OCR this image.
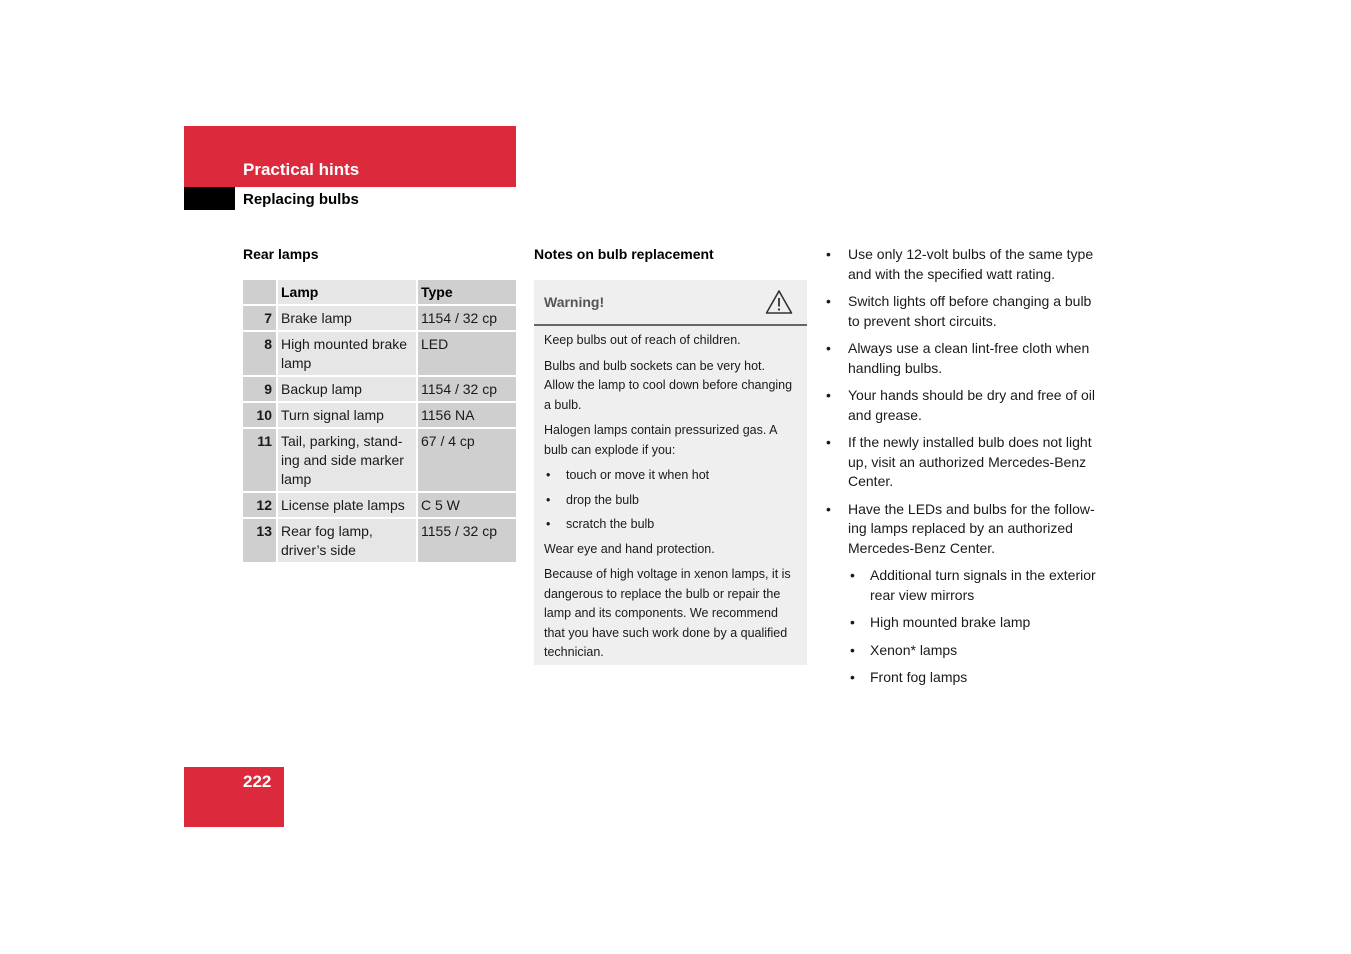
Practical hints
Replacing bulbs
Rear lamps
	Lamp	Type
7	Brake lamp	1154 / 32 cp
8	High mounted brake lamp	LED
9	Backup lamp	1154 / 32 cp
10	Turn signal lamp	1156 NA
11	Tail, parking, stand-ing and side marker lamp	67 / 4 cp
12	License plate lamps	C 5 W
13	Rear fog lamp, driver’s side	1155 / 32 cp
Notes on bulb replacement
Warning!

Keep bulbs out of reach of children.

Bulbs and bulb sockets can be very hot. Allow the lamp to cool down before changing a bulb.

Halogen lamps contain pressurized gas. A bulb can explode if you:

• touch or move it when hot
• drop the bulb
• scratch the bulb

Wear eye and hand protection.

Because of high voltage in xenon lamps, it is dangerous to replace the bulb or repair the lamp and its components. We recommend that you have such work done by a qualified technician.

• Use only 12-volt bulbs of the same type and with the specified watt rating.
• Switch lights off before changing a bulb to prevent short circuits.
• Always use a clean lint-free cloth when handling bulbs.
• Your hands should be dry and free of oil and grease.
• If the newly installed bulb does not light up, visit an authorized Mercedes-Benz Center.
• Have the LEDs and bulbs for the follow-ing lamps replaced by an authorized Mercedes-Benz Center.
• Additional turn signals in the exterior rear view mirrors
• High mounted brake lamp
• Xenon* lamps
• Front fog lamps
222
